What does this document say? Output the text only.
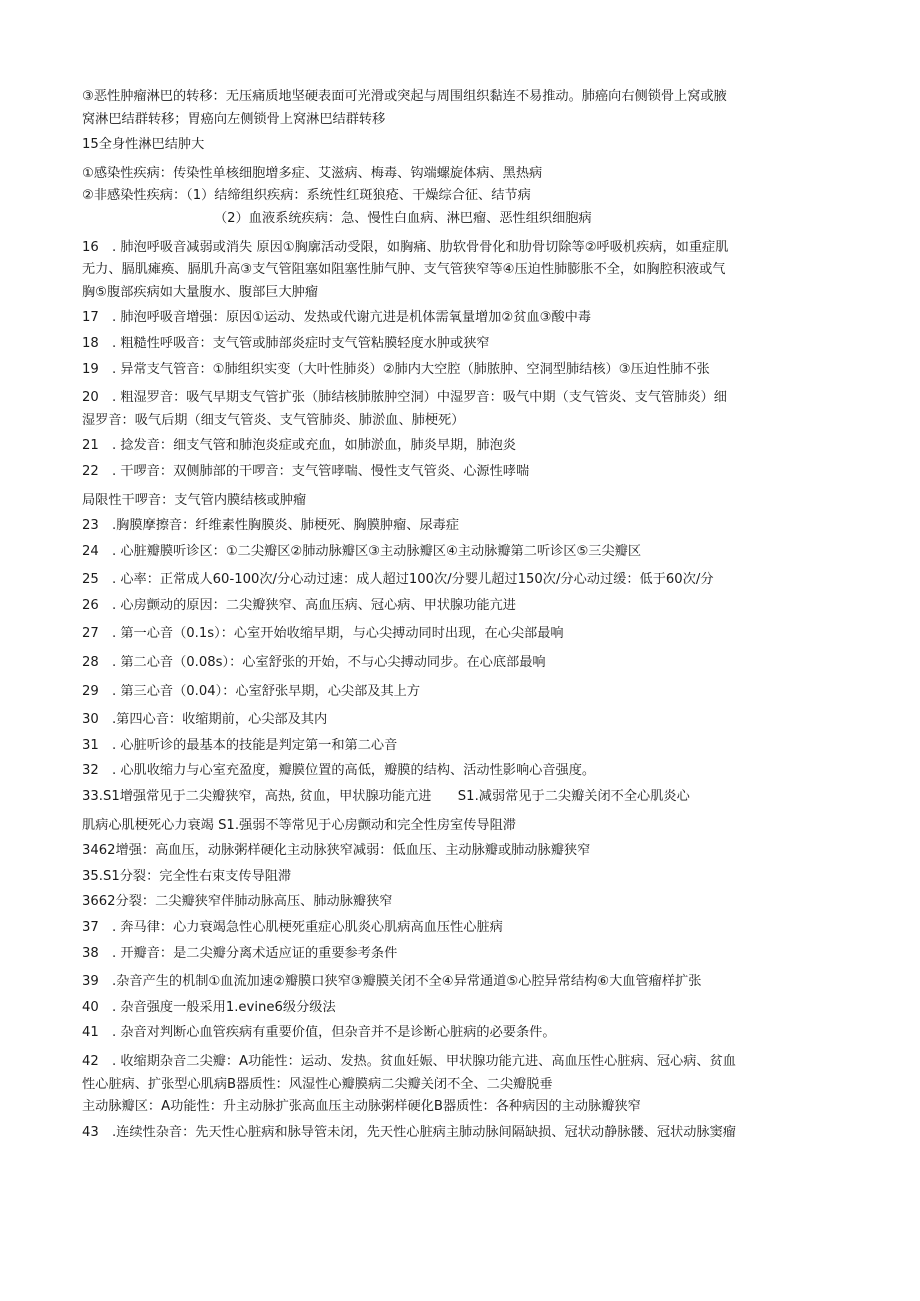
③恶性肿瘤淋巴的转移：无压痛质地坚硬表面可光滑或突起与周围组织黏连不易推动。肺癌向右侧锁骨上窝或腋
窝淋巴结群转移；胃癌向左侧锁骨上窝淋巴结群转移
15全身性淋巴结肿大
①感染性疾病：传染性单核细胞增多症、艾滋病、梅毒、钩端螺旋体病、黑热病
②非感染性疾病：（1）结缔组织疾病：系统性红斑狼疮、干燥综合征、结节病
（2）血液系统疾病：急、慢性白血病、淋巴瘤、恶性组织细胞病
16　. 肺泡呼吸音减弱或消失 原因①胸廓活动受限，如胸痛、肋软骨骨化和肋骨切除等②呼吸机疾病，如重症肌
无力、膈肌瘫痪、膈肌升高③支气管阻塞如阻塞性肺气肿、支气管狭窄等④压迫性肺膨胀不全，如胸腔积液或气
胸⑤腹部疾病如大量腹水、腹部巨大肿瘤
17　. 肺泡呼吸音增强：原因①运动、发热或代谢亢进是机体需氧量增加②贫血③酸中毒
18　. 粗糙性呼吸音：支气管或肺部炎症时支气管粘膜轻度水肿或狭窄
19　. 异常支气管音：①肺组织实变（大叶性肺炎）②肺内大空腔（肺脓肿、空洞型肺结核）③压迫性肺不张
20　. 粗湿罗音：吸气早期支气管扩张（肺结核肺脓肿空洞）中湿罗音：吸气中期（支气管炎、支气管肺炎）细
湿罗音：吸气后期（细支气管炎、支气管肺炎、肺淤血、肺梗死）
21　. 捻发音：细支气管和肺泡炎症或充血，如肺淤血，肺炎早期，肺泡炎
22　. 干啰音：双侧肺部的干啰音：支气管哮喘、慢性支气管炎、心源性哮喘
局限性干啰音：支气管内膜结核或肿瘤
23　.胸膜摩擦音：纤维素性胸膜炎、肺梗死、胸膜肿瘤、尿毒症
24　. 心脏瓣膜听诊区：①二尖瓣区②肺动脉瓣区③主动脉瓣区④主动脉瓣第二听诊区⑤三尖瓣区
25　. 心率：正常成人60-100次/分心动过速：成人超过100次/分婴儿超过150次/分心动过缓：低于60次/分
26　. 心房颤动的原因：二尖瓣狭窄、高血压病、冠心病、甲状腺功能亢进
27　. 第一心音（0.1s）：心室开始收缩早期，与心尖搏动同时出现，在心尖部最响
28　. 第二心音（0.08s）：心室舒张的开始，不与心尖搏动同步。在心底部最响
29　. 第三心音（0.04）：心室舒张早期，心尖部及其上方
30　.第四心音：收缩期前，心尖部及其内
31　. 心脏听诊的最基本的技能是判定第一和第二心音
32　. 心肌收缩力与心室充盈度，瓣膜位置的高低，瓣膜的结构、活动性影响心音强度。
33.S1增强常见于二尖瓣狭窄，高热, 贫血，甲状腺功能亢进　　S1.减弱常见于二尖瓣关闭不全心肌炎心
肌病心肌梗死心力衰竭 S1.强弱不等常见于心房颤动和完全性房室传导阻滞
3462增强：高血压，动脉粥样硬化主动脉狭窄减弱：低血压、主动脉瓣或肺动脉瓣狭窄
35.S1分裂：完全性右束支传导阻滞
3662分裂：二尖瓣狭窄伴肺动脉高压、肺动脉瓣狭窄
37　. 奔马律：心力衰竭急性心肌梗死重症心肌炎心肌病高血压性心脏病
38　. 开瓣音：是二尖瓣分离术适应证的重要参考条件
39　.杂音产生的机制①血流加速②瓣膜口狭窄③瓣膜关闭不全④异常通道⑤心腔异常结构⑥大血管瘤样扩张
40　. 杂音强度一般采用1.evine6级分级法
41　. 杂音对判断心血管疾病有重要价值，但杂音并不是诊断心脏病的必要条件。
42　. 收缩期杂音二尖瓣：A功能性：运动、发热。贫血妊娠、甲状腺功能亢进、高血压性心脏病、冠心病、贫血
性心脏病、扩张型心肌病B器质性：风湿性心瓣膜病二尖瓣关闭不全、二尖瓣脱垂
主动脉瓣区：A功能性：升主动脉扩张高血压主动脉粥样硬化B器质性：各种病因的主动脉瓣狭窄
43　.连续性杂音：先天性心脏病和脉导管未闭，先天性心脏病主肺动脉间隔缺损、冠状动静脉髅、冠状动脉窦瘤
